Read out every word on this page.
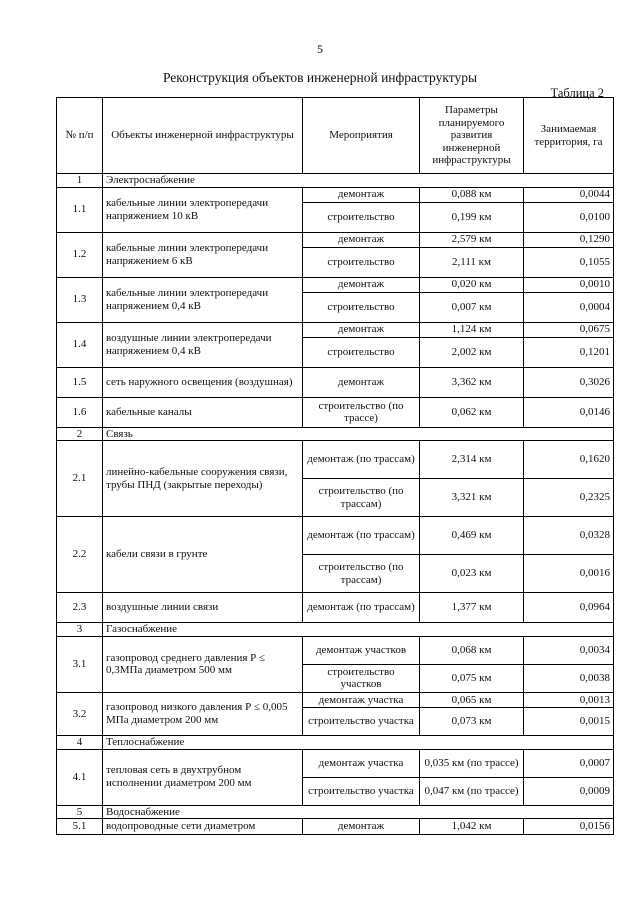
5
Реконструкция объектов инженерной инфраструктуры
Таблица 2
№ п/п	Объекты инженерной инфраструктуры	Мероприятия	Параметры планируемого развития инженерной инфраструктуры	Занимаемая территория, га
1	Электроснабжение			
1.1	кабельные линии электропередачи напряжением 10 кВ	демонтаж	0,088 км	0,0044
		строительство	0,199 км	0,0100
1.2	кабельные линии электропередачи напряжением 6 кВ	демонтаж	2,579 км	0,1290
		строительство	2,111 км	0,1055
1.3	кабельные линии электропередачи напряжением 0,4 кВ	демонтаж	0,020 км	0,0010
		строительство	0,007 км	0,0004
1.4	воздушные линии электропередачи напряжением 0,4 кВ	демонтаж	1,124 км	0,0675
		строительство	2,002 км	0,1201
1.5	сеть наружного освещения (воздушная)	демонтаж	3,362 км	0,3026
1.6	кабельные каналы	строительство (по трассе)	0,062 км	0,0146
2	Связь			
2.1	линейно-кабельные сооружения связи, трубы ПНД (закрытые переходы)	демонтаж (по трассам)	2,314 км	0,1620
		строительство (по трассам)	3,321 км	0,2325
2.2	кабели связи в грунте	демонтаж (по трассам)	0,469 км	0,0328
		строительство (по трассам)	0,023 км	0,0016
2.3	воздушные линии связи	демонтаж (по трассам)	1,377 км	0,0964
3	Газоснабжение			
3.1	газопровод среднего давления Р ≤ 0,3МПа диаметром 500 мм	демонтаж участков	0,068 км	0,0034
		строительство участков	0,075 км	0,0038
3.2	газопровод низкого давления Р ≤ 0,005 МПа диаметром 200 мм	демонтаж участка	0,065 км	0,0013
		строительство участка	0,073 км	0,0015
4	Теплоснабжение			
4.1	тепловая сеть в двухтрубном исполнении диаметром 200 мм	демонтаж участка	0,035 км (по трассе)	0,0007
		строительство участка	0,047 км (по трассе)	0,0009
5	Водоснабжение			
5.1	водопроводные сети диаметром	демонтаж	1,042 км	0,0156
